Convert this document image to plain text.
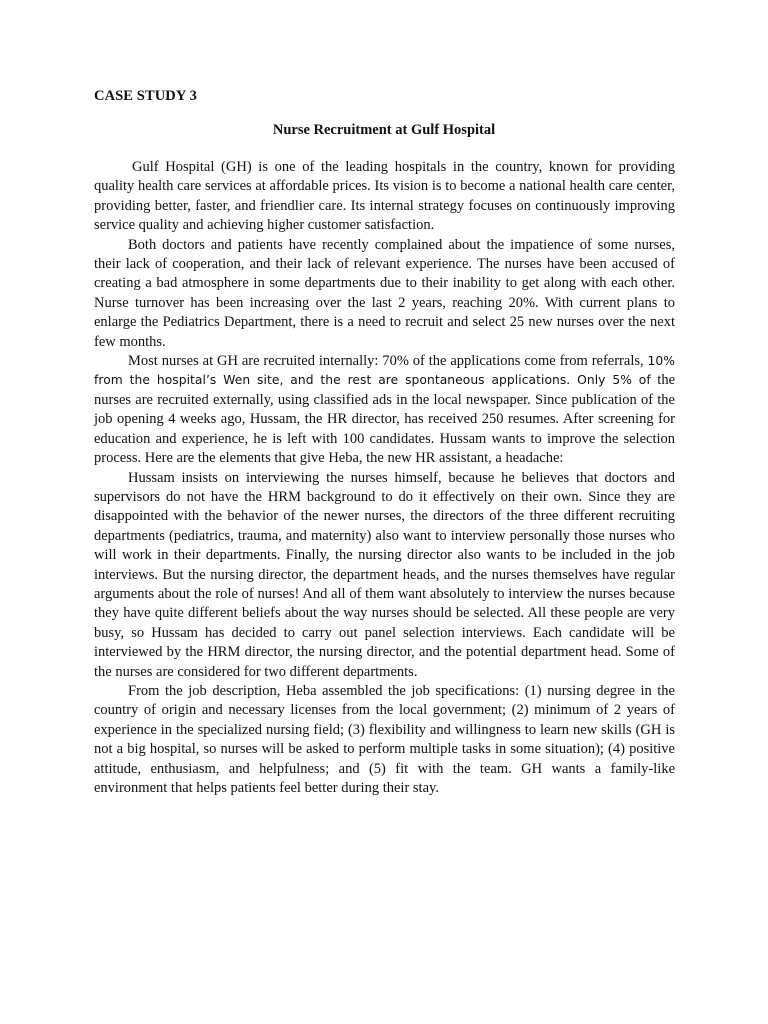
CASE STUDY 3
Nurse Recruitment at Gulf Hospital

Gulf Hospital (GH) is one of the leading hospitals in the country, known for providing quality health care services at affordable prices. Its vision is to become a national health care center, providing better, faster, and friendlier care. Its internal strategy focuses on continuously improving service quality and achieving higher customer satisfaction.

Both doctors and patients have recently complained about the impatience of some nurses, their lack of cooperation, and their lack of relevant experience. The nurses have been accused of creating a bad atmosphere in some departments due to their inability to get along with each other. Nurse turnover has been increasing over the last 2 years, reaching 20%. With current plans to enlarge the Pediatrics Department, there is a need to recruit and select 25 new nurses over the next few months.

Most nurses at GH are recruited internally: 70% of the applications come from referrals, 10% from the hospital’s Wen site, and the rest are spontaneous applications. Only 5% of the nurses are recruited externally, using classified ads in the local newspaper. Since publication of the job opening 4 weeks ago, Hussam, the HR director, has received 250 resumes. After screening for education and experience, he is left with 100 candidates. Hussam wants to improve the selection process. Here are the elements that give Heba, the new HR assistant, a headache:

Hussam insists on interviewing the nurses himself, because he believes that doctors and supervisors do not have the HRM background to do it effectively on their own. Since they are disappointed with the behavior of the newer nurses, the directors of the three different recruiting departments (pediatrics, trauma, and maternity) also want to interview personally those nurses who will work in their departments. Finally, the nursing director also wants to be included in the job interviews. But the nursing director, the department heads, and the nurses themselves have regular arguments about the role of nurses! And all of them want absolutely to interview the nurses because they have quite different beliefs about the way nurses should be selected. All these people are very busy, so Hussam has decided to carry out panel selection interviews. Each candidate will be interviewed by the HRM director, the nursing director, and the potential department head. Some of the nurses are considered for two different departments.

From the job description, Heba assembled the job specifications: (1) nursing degree in the country of origin and necessary licenses from the local government; (2) minimum of 2 years of experience in the specialized nursing field; (3) flexibility and willingness to learn new skills (GH is not a big hospital, so nurses will be asked to perform multiple tasks in some situation); (4) positive attitude, enthusiasm, and helpfulness; and (5) fit with the team. GH wants a family-like environment that helps patients feel better during their stay.
